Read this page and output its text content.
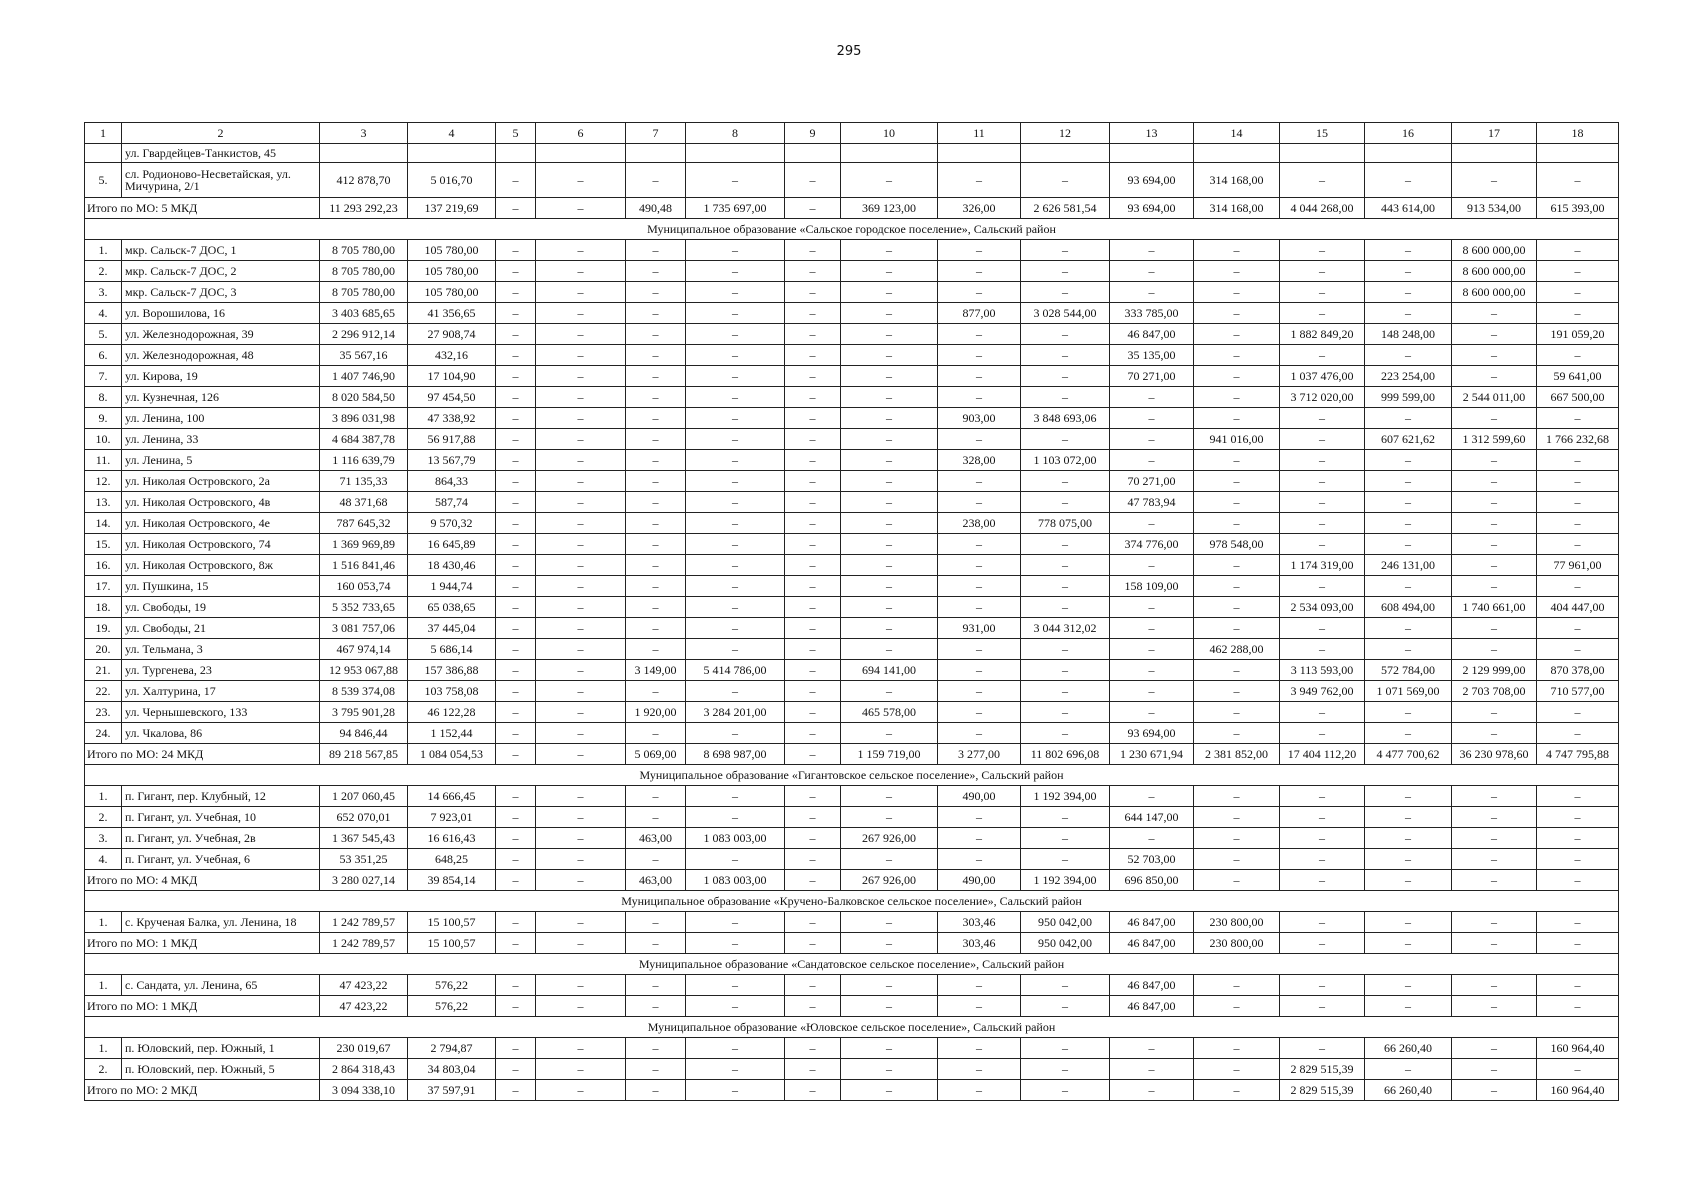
295
1	2	3	4	5	6	7	8	9	10	11	12	13	14	15	16	17	18
	ул. Гвардейцев-Танкистов, 45																
5.	сл. Родионово-Несветайская, ул. Мичурина, 2/1	412 878,70	5 016,70	–	–	–	–	–	–	–	–	93 694,00	314 168,00	–	–	–	–
Итого по МО: 5 МКД		11 293 292,23	137 219,69	–	–	490,48	1 735 697,00	–	369 123,00	326,00	2 626 581,54	93 694,00	314 168,00	4 044 268,00	443 614,00	913 534,00	615 393,00
Муниципальное образование «Сальское городское поселение», Сальский район																	
1.	мкр. Сальск-7 ДОС, 1	8 705 780,00	105 780,00	–	–	–	–	–	–	–	–	–	–	–	–	8 600 000,00	–
2.	мкр. Сальск-7 ДОС, 2	8 705 780,00	105 780,00	–	–	–	–	–	–	–	–	–	–	–	–	8 600 000,00	–
3.	мкр. Сальск-7 ДОС, 3	8 705 780,00	105 780,00	–	–	–	–	–	–	–	–	–	–	–	–	8 600 000,00	–
4.	ул. Ворошилова, 16	3 403 685,65	41 356,65	–	–	–	–	–	–	877,00	3 028 544,00	333 785,00	–	–	–	–	–
5.	ул. Железнодорожная, 39	2 296 912,14	27 908,74	–	–	–	–	–	–	–	–	46 847,00	–	1 882 849,20	148 248,00	–	191 059,20
6.	ул. Железнодорожная, 48	35 567,16	432,16	–	–	–	–	–	–	–	–	35 135,00	–	–	–	–	–
7.	ул. Кирова, 19	1 407 746,90	17 104,90	–	–	–	–	–	–	–	–	70 271,00	–	1 037 476,00	223 254,00	–	59 641,00
8.	ул. Кузнечная, 126	8 020 584,50	97 454,50	–	–	–	–	–	–	–	–	–	–	3 712 020,00	999 599,00	2 544 011,00	667 500,00
9.	ул. Ленина, 100	3 896 031,98	47 338,92	–	–	–	–	–	–	903,00	3 848 693,06	–	–	–	–	–	–
10.	ул. Ленина, 33	4 684 387,78	56 917,88	–	–	–	–	–	–	–	–	–	941 016,00	–	607 621,62	1 312 599,60	1 766 232,68
11.	ул. Ленина, 5	1 116 639,79	13 567,79	–	–	–	–	–	–	328,00	1 103 072,00	–	–	–	–	–	–
12.	ул. Николая Островского, 2а	71 135,33	864,33	–	–	–	–	–	–	–	–	70 271,00	–	–	–	–	–
13.	ул. Николая Островского, 4в	48 371,68	587,74	–	–	–	–	–	–	–	–	47 783,94	–	–	–	–	–
14.	ул. Николая Островского, 4е	787 645,32	9 570,32	–	–	–	–	–	–	238,00	778 075,00	–	–	–	–	–	–
15.	ул. Николая Островского, 74	1 369 969,89	16 645,89	–	–	–	–	–	–	–	–	374 776,00	978 548,00	–	–	–	–
16.	ул. Николая Островского, 8ж	1 516 841,46	18 430,46	–	–	–	–	–	–	–	–	–	–	1 174 319,00	246 131,00	–	77 961,00
17.	ул. Пушкина, 15	160 053,74	1 944,74	–	–	–	–	–	–	–	–	158 109,00	–	–	–	–	–
18.	ул. Свободы, 19	5 352 733,65	65 038,65	–	–	–	–	–	–	–	–	–	–	2 534 093,00	608 494,00	1 740 661,00	404 447,00
19.	ул. Свободы, 21	3 081 757,06	37 445,04	–	–	–	–	–	–	931,00	3 044 312,02	–	–	–	–	–	–
20.	ул. Тельмана, 3	467 974,14	5 686,14	–	–	–	–	–	–	–	–	–	462 288,00	–	–	–	–
21.	ул. Тургенева, 23	12 953 067,88	157 386,88	–	–	3 149,00	5 414 786,00	–	694 141,00	–	–	–	–	3 113 593,00	572 784,00	2 129 999,00	870 378,00
22.	ул. Халтурина, 17	8 539 374,08	103 758,08	–	–	–	–	–	–	–	–	–	–	3 949 762,00	1 071 569,00	2 703 708,00	710 577,00
23.	ул. Чернышевского, 133	3 795 901,28	46 122,28	–	–	1 920,00	3 284 201,00	–	465 578,00	–	–	–	–	–	–	–	–
24.	ул. Чкалова, 86	94 846,44	1 152,44	–	–	–	–	–	–	–	–	93 694,00	–	–	–	–	–
Итого по МО: 24 МКД		89 218 567,85	1 084 054,53	–	–	5 069,00	8 698 987,00	–	1 159 719,00	3 277,00	11 802 696,08	1 230 671,94	2 381 852,00	17 404 112,20	4 477 700,62	36 230 978,60	4 747 795,88
Муниципальное образование «Гигантовское сельское поселение», Сальский район																	
1.	п. Гигант, пер. Клубный, 12	1 207 060,45	14 666,45	–	–	–	–	–	–	490,00	1 192 394,00	–	–	–	–	–	–
2.	п. Гигант, ул. Учебная, 10	652 070,01	7 923,01	–	–	–	–	–	–	–	–	644 147,00	–	–	–	–	–
3.	п. Гигант, ул. Учебная, 2в	1 367 545,43	16 616,43	–	–	463,00	1 083 003,00	–	267 926,00	–	–	–	–	–	–	–	–
4.	п. Гигант, ул. Учебная, 6	53 351,25	648,25	–	–	–	–	–	–	–	–	52 703,00	–	–	–	–	–
Итого по МО: 4 МКД		3 280 027,14	39 854,14	–	–	463,00	1 083 003,00	–	267 926,00	490,00	1 192 394,00	696 850,00	–	–	–	–	–
Муниципальное образование «Кручено-Балковское сельское поселение», Сальский район																	
1.	с. Крученая Балка, ул. Ленина, 18	1 242 789,57	15 100,57	–	–	–	–	–	–	303,46	950 042,00	46 847,00	230 800,00	–	–	–	–
Итого по МО: 1 МКД		1 242 789,57	15 100,57	–	–	–	–	–	–	303,46	950 042,00	46 847,00	230 800,00	–	–	–	–
Муниципальное образование «Сандатовское сельское поселение», Сальский район																	
1.	с. Сандата, ул. Ленина, 65	47 423,22	576,22	–	–	–	–	–	–	–	–	46 847,00	–	–	–	–	–
Итого по МО: 1 МКД		47 423,22	576,22	–	–	–	–	–	–	–	–	46 847,00	–	–	–	–	–
Муниципальное образование «Юловское сельское поселение», Сальский район																	
1.	п. Юловский, пер. Южный, 1	230 019,67	2 794,87	–	–	–	–	–	–	–	–	–	–	–	66 260,40	–	160 964,40
2.	п. Юловский, пер. Южный, 5	2 864 318,43	34 803,04	–	–	–	–	–	–	–	–	–	–	2 829 515,39	–	–	–
Итого по МО: 2 МКД		3 094 338,10	37 597,91	–	–	–	–	–	–	–	–	–	–	2 829 515,39	66 260,40	–	160 964,40
